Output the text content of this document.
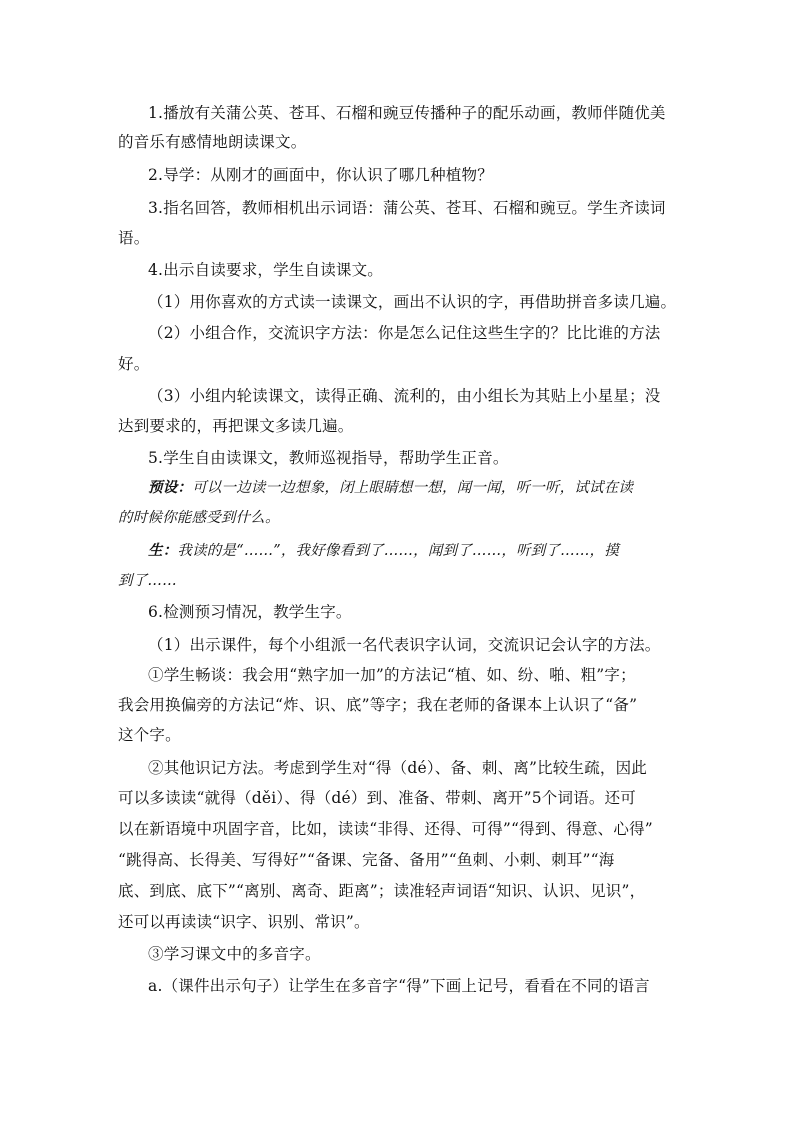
1.播放有关蒲公英、苍耳、石榴和豌豆传播种子的配乐动画，教师伴随优美
的音乐有感情地朗读课文。
2.导学：从刚才的画面中，你认识了哪几种植物？
3.指名回答，教师相机出示词语：蒲公英、苍耳、石榴和豌豆。学生齐读词
语。
4.出示自读要求，学生自读课文。
（1）用你喜欢的方式读一读课文，画出不认识的字，再借助拼音多读几遍。
（2）小组合作，交流识字方法：你是怎么记住这些生字的？比比谁的方法
好。
（3）小组内轮读课文，读得正确、流利的，由小组长为其贴上小星星；没
达到要求的，再把课文多读几遍。
5.学生自由读课文，教师巡视指导，帮助学生正音。
预设：可以一边读一边想象，闭上眼睛想一想，闻一闻，听一听，试试在读
的时候你能感受到什么。
生：我读的是“……”，我好像看到了……，闻到了……，听到了……，摸
到了……
6.检测预习情况，教学生字。
（1）出示课件，每个小组派一名代表识字认词，交流识记会认字的方法。
①学生畅谈：我会用“熟字加一加”的方法记“植、如、纷、啪、粗”字；
我会用换偏旁的方法记“炸、识、底”等字；我在老师的备课本上认识了“备”
这个字。
②其他识记方法。考虑到学生对“得（dé）、备、刺、离”比较生疏，因此
可以多读读“就得（děi）、得（dé）到、准备、带刺、离开”5个词语。还可
以在新语境中巩固字音，比如，读读“非得、还得、可得”“得到、得意、心得”
“跳得高、长得美、写得好”“备课、完备、备用”“鱼刺、小刺、刺耳”“海
底、到底、底下”“离别、离奇、距离”；读准轻声词语“知识、认识、见识”，
还可以再读读“识字、识别、常识”。
③学习课文中的多音字。
a.（课件出示句子）让学生在多音字“得”下画上记号，看看在不同的语言
